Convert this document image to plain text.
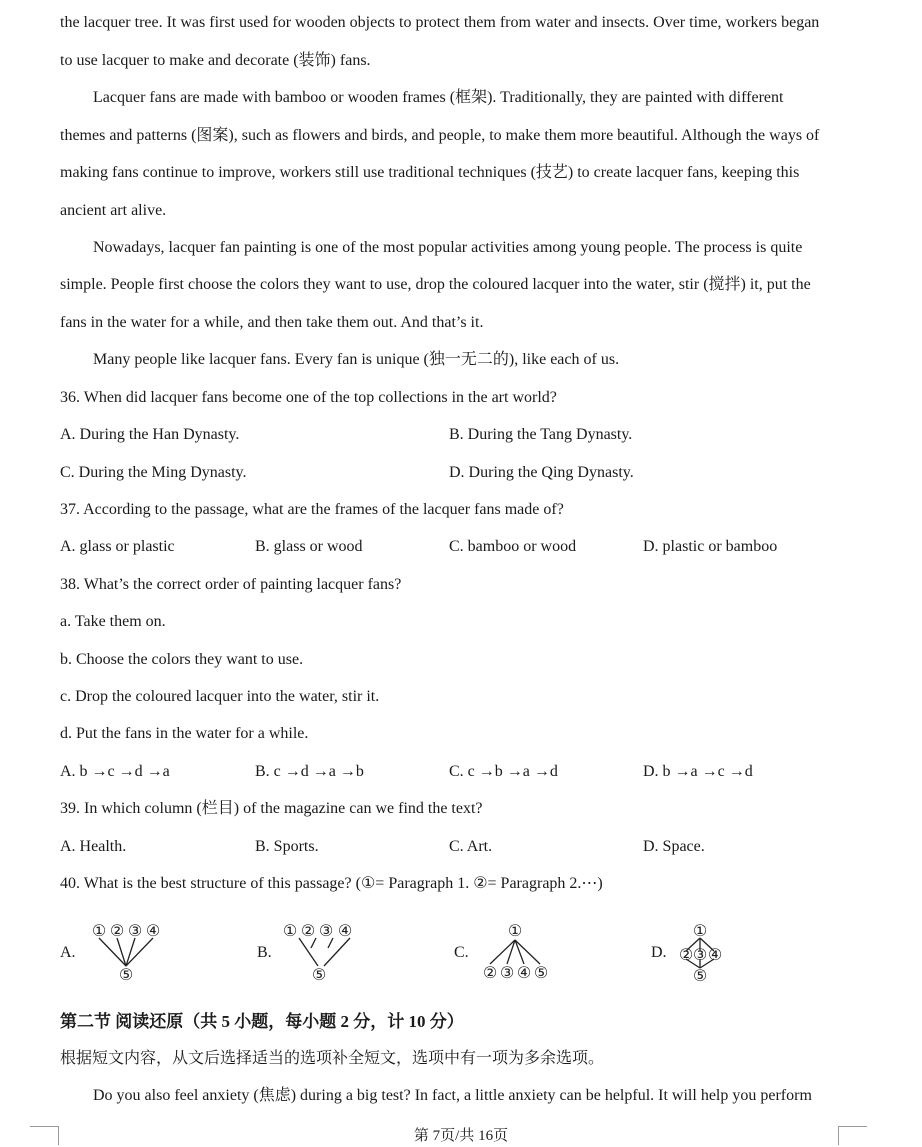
the lacquer tree. It was first used for wooden objects to protect them from water and insects. Over time, workers began
to use lacquer to make and decorate (装饰) fans.
Lacquer fans are made with bamboo or wooden frames (框架). Traditionally, they are painted with different
themes and patterns (图案), such as flowers and birds, and people, to make them more beautiful. Although the ways of
making fans continue to improve, workers still use traditional techniques (技艺) to create lacquer fans, keeping this
ancient art alive.
Nowadays, lacquer fan painting is one of the most popular activities among young people. The process is quite
simple. People first choose the colors they want to use, drop the coloured lacquer into the water, stir (搅拌) it, put the
fans in the water for a while, and then take them out. And that’s it.
Many people like lacquer fans. Every fan is unique (独一无二的), like each of us.
36. When did lacquer fans become one of the top collections in the art world?
A. During the Han Dynasty.	B. During the Tang Dynasty.
C. During the Ming Dynasty.	D. During the Qing Dynasty.
37. According to the passage, what are the frames of the lacquer fans made of?
A. glass or plastic	B. glass or wood	C. bamboo or wood	D. plastic or bamboo
38. What’s the correct order of painting lacquer fans?
a. Take them on.
b. Choose the colors they want to use.
c. Drop the coloured lacquer into the water, stir it.
d. Put the fans in the water for a while.
A. b →c →d →a	B. c →d →a →b	C. c →b →a →d	D. b →a →c →d
39. In which column (栏目) of the magazine can we find the text?
A. Health.	B. Sports.	C. Art.	D. Space.
40. What is the best structure of this passage? (①= Paragraph 1. ②= Paragraph 2.⋯)
A.
① ② ③ ④
⑤
B.
① ② ③ ④
⑤
C.
①
② ③ ④ ⑤
D.
①
② ③ ④
⑤
第二节 阅读还原（共 5 小题，每小题 2 分，计 10 分）
根据短文内容，从文后选择适当的选项补全短文，选项中有一项为多余选项。
Do you also feel anxiety (焦虑) during a big test? In fact, a little anxiety can be helpful. It will help you perform
第 7页/共 16页
